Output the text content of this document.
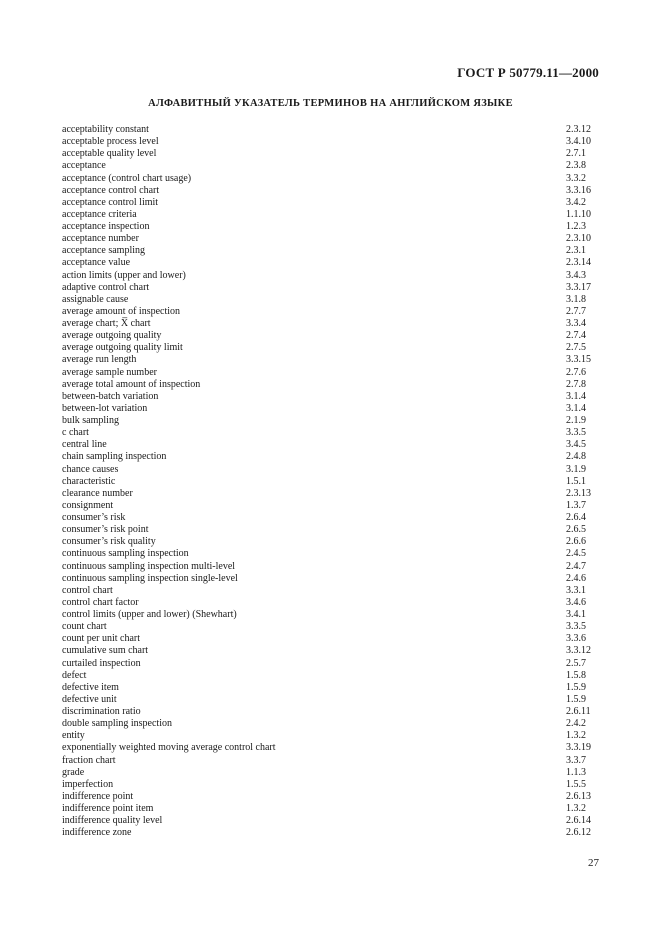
ГОСТ Р 50779.11—2000
АЛФАВИТНЫЙ УКАЗАТЕЛЬ ТЕРМИНОВ НА АНГЛИЙСКОМ ЯЗЫКЕ
acceptability constant	2.3.12
acceptable process level	3.4.10
acceptable quality level	2.7.1
acceptance	2.3.8
acceptance (control chart usage)	3.3.2
acceptance control chart	3.3.16
acceptance control limit	3.4.2
acceptance criteria	1.1.10
acceptance inspection	1.2.3
acceptance number	2.3.10
acceptance sampling	2.3.1
acceptance value	2.3.14
action limits (upper and lower)	3.4.3
adaptive control chart	3.3.17
assignable cause	3.1.8
average amount of inspection	2.7.7
average chart; X̅ chart	3.3.4
average outgoing quality	2.7.4
average outgoing quality limit	2.7.5
average run length	3.3.15
average sample number	2.7.6
average total amount of inspection	2.7.8
between-batch variation	3.1.4
between-lot variation	3.1.4
bulk sampling	2.1.9
c chart	3.3.5
central line	3.4.5
chain sampling inspection	2.4.8
chance causes	3.1.9
characteristic	1.5.1
clearance number	2.3.13
consignment	1.3.7
consumer’s risk	2.6.4
consumer’s risk point	2.6.5
consumer’s risk quality	2.6.6
continuous sampling inspection	2.4.5
continuous sampling inspection multi-level	2.4.7
continuous sampling inspection single-level	2.4.6
control chart	3.3.1
control chart factor	3.4.6
control limits (upper and lower) (Shewhart)	3.4.1
count chart	3.3.5
count per unit chart	3.3.6
cumulative sum chart	3.3.12
curtailed inspection	2.5.7
defect	1.5.8
defective item	1.5.9
defective unit	1.5.9
discrimination ratio	2.6.11
double sampling inspection	2.4.2
entity	1.3.2
exponentially weighted moving average control chart	3.3.19
fraction chart	3.3.7
grade	1.1.3
imperfection	1.5.5
indifference point	2.6.13
indifference point item	1.3.2
indifference quality level	2.6.14
indifference zone	2.6.12
27
